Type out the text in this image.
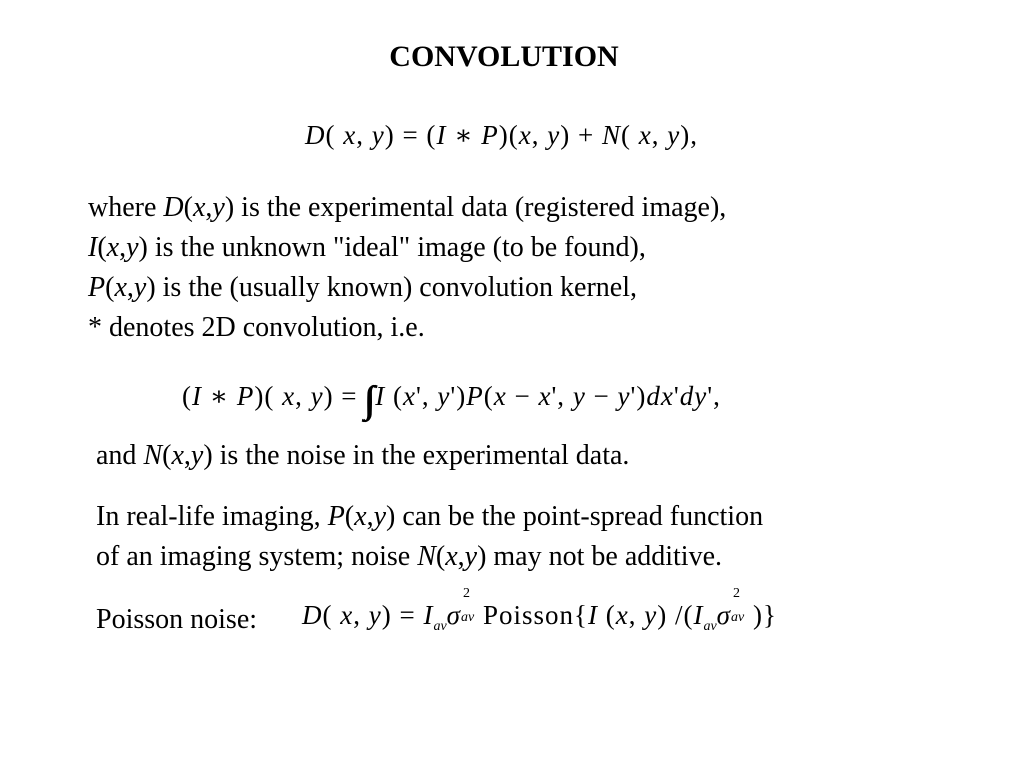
CONVOLUTION
D( x, y) = (I ∗ P)(x, y) + N( x, y),
where D(x,y) is the experimental data (registered image),
I(x,y) is the unknown "ideal" image (to be found),
P(x,y) is the (usually known) convolution kernel,
* denotes 2D convolution, i.e.
(I ∗ P)( x, y) = I (x', y')P(x − x', y − y')dx'dy',
and N(x,y) is the noise in the experimental data.
In real-life imaging, P(x,y) can be the point-spread function
of an imaging system; noise N(x,y) may not be additive.
Poisson noise: D( x, $y) = I_{av}\sigma$
2
av Poisson{I (x, y) $/(I_{av}\sigma$
2
av )}
